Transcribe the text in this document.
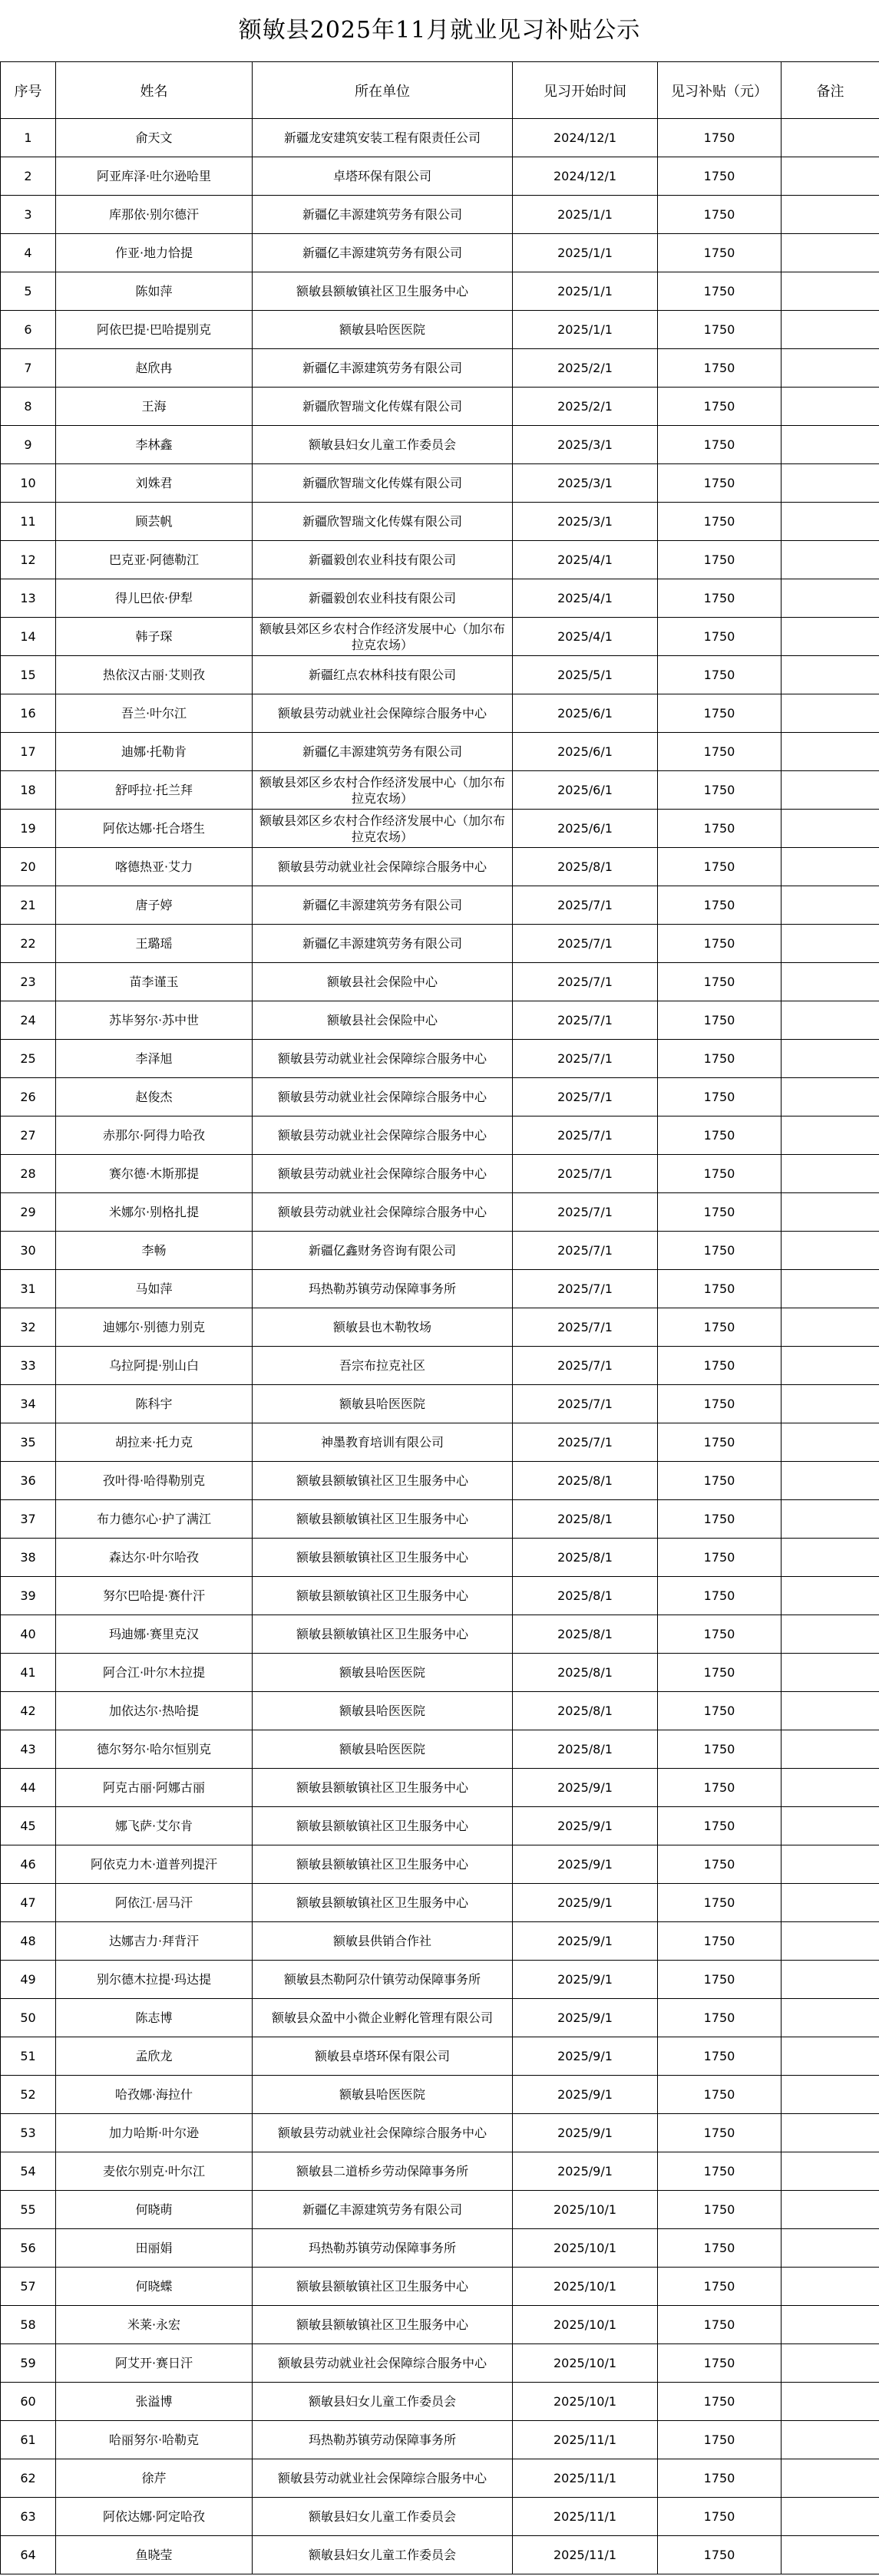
额敏县2025年11月就业见习补贴公示
序号	姓名	所在单位	见习开始时间	见习补贴（元）	备注
1	俞天文	新疆龙安建筑安装工程有限责任公司	2024/12/1	1750	
2	阿亚库泽·吐尔逊哈里	卓塔环保有限公司	2024/12/1	1750	
3	库那依·别尔德汗	新疆亿丰源建筑劳务有限公司	2025/1/1	1750	
4	作亚·地力恰提	新疆亿丰源建筑劳务有限公司	2025/1/1	1750	
5	陈如萍	额敏县额敏镇社区卫生服务中心	2025/1/1	1750	
6	阿依巴提·巴哈提别克	额敏县哈医医院	2025/1/1	1750	
7	赵欣冉	新疆亿丰源建筑劳务有限公司	2025/2/1	1750	
8	王海	新疆欣智瑞文化传媒有限公司	2025/2/1	1750	
9	李林鑫	额敏县妇女儿童工作委员会	2025/3/1	1750	
10	刘姝君	新疆欣智瑞文化传媒有限公司	2025/3/1	1750	
11	顾芸帆	新疆欣智瑞文化传媒有限公司	2025/3/1	1750	
12	巴克亚·阿德勒江	新疆毅创农业科技有限公司	2025/4/1	1750	
13	得儿巴依·伊犁	新疆毅创农业科技有限公司	2025/4/1	1750	
14	韩子琛	额敏县郊区乡农村合作经济发展中心（加尔布拉克农场）	2025/4/1	1750	
15	热依汉古丽·艾则孜	新疆红点农林科技有限公司	2025/5/1	1750	
16	吾兰·叶尔江	额敏县劳动就业社会保障综合服务中心	2025/6/1	1750	
17	迪娜·托勒肯	新疆亿丰源建筑劳务有限公司	2025/6/1	1750	
18	舒呼拉·托兰拜	额敏县郊区乡农村合作经济发展中心（加尔布拉克农场）	2025/6/1	1750	
19	阿依达娜·托合塔生	额敏县郊区乡农村合作经济发展中心（加尔布拉克农场）	2025/6/1	1750	
20	喀德热亚·艾力	额敏县劳动就业社会保障综合服务中心	2025/8/1	1750	
21	唐子婷	新疆亿丰源建筑劳务有限公司	2025/7/1	1750	
22	王璐瑶	新疆亿丰源建筑劳务有限公司	2025/7/1	1750	
23	苗李谨玉	额敏县社会保险中心	2025/7/1	1750	
24	苏毕努尔·苏中世	额敏县社会保险中心	2025/7/1	1750	
25	李泽旭	额敏县劳动就业社会保障综合服务中心	2025/7/1	1750	
26	赵俊杰	额敏县劳动就业社会保障综合服务中心	2025/7/1	1750	
27	赤那尔·阿得力哈孜	额敏县劳动就业社会保障综合服务中心	2025/7/1	1750	
28	赛尔德·木斯那提	额敏县劳动就业社会保障综合服务中心	2025/7/1	1750	
29	米娜尔·别格扎提	额敏县劳动就业社会保障综合服务中心	2025/7/1	1750	
30	李畅	新疆亿鑫财务咨询有限公司	2025/7/1	1750	
31	马如萍	玛热勒苏镇劳动保障事务所	2025/7/1	1750	
32	迪娜尔·别德力别克	额敏县也木勒牧场	2025/7/1	1750	
33	乌拉阿提·别山白	吾宗布拉克社区	2025/7/1	1750	
34	陈科宇	额敏县哈医医院	2025/7/1	1750	
35	胡拉来·托力克	神墨教育培训有限公司	2025/7/1	1750	
36	孜叶得·哈得勒别克	额敏县额敏镇社区卫生服务中心	2025/8/1	1750	
37	布力德尔心·护了满江	额敏县额敏镇社区卫生服务中心	2025/8/1	1750	
38	森达尔·叶尔哈孜	额敏县额敏镇社区卫生服务中心	2025/8/1	1750	
39	努尔巴哈提·赛什汗	额敏县额敏镇社区卫生服务中心	2025/8/1	1750	
40	玛迪娜·赛里克汉	额敏县额敏镇社区卫生服务中心	2025/8/1	1750	
41	阿合江·叶尔木拉提	额敏县哈医医院	2025/8/1	1750	
42	加依达尔·热哈提	额敏县哈医医院	2025/8/1	1750	
43	德尔努尔·哈尔恒别克	额敏县哈医医院	2025/8/1	1750	
44	阿克古丽·阿娜古丽	额敏县额敏镇社区卫生服务中心	2025/9/1	1750	
45	娜飞萨·艾尔肯	额敏县额敏镇社区卫生服务中心	2025/9/1	1750	
46	阿依克力木·道普列提汗	额敏县额敏镇社区卫生服务中心	2025/9/1	1750	
47	阿依江·居马汗	额敏县额敏镇社区卫生服务中心	2025/9/1	1750	
48	达娜吉力·拜背汗	额敏县供销合作社	2025/9/1	1750	
49	别尔德木拉提·玛达提	额敏县杰勒阿尕什镇劳动保障事务所	2025/9/1	1750	
50	陈志博	额敏县众盈中小微企业孵化管理有限公司	2025/9/1	1750	
51	孟欣龙	额敏县卓塔环保有限公司	2025/9/1	1750	
52	哈孜娜·海拉什	额敏县哈医医院	2025/9/1	1750	
53	加力哈斯·叶尔逊	额敏县劳动就业社会保障综合服务中心	2025/9/1	1750	
54	麦依尔别克·叶尔江	额敏县二道桥乡劳动保障事务所	2025/9/1	1750	
55	何晓萌	新疆亿丰源建筑劳务有限公司	2025/10/1	1750	
56	田丽娟	玛热勒苏镇劳动保障事务所	2025/10/1	1750	
57	何晓蝶	额敏县额敏镇社区卫生服务中心	2025/10/1	1750	
58	米莱·永宏	额敏县额敏镇社区卫生服务中心	2025/10/1	1750	
59	阿艾开·赛日汗	额敏县劳动就业社会保障综合服务中心	2025/10/1	1750	
60	张溢博	额敏县妇女儿童工作委员会	2025/10/1	1750	
61	哈丽努尔·哈勒克	玛热勒苏镇劳动保障事务所	2025/11/1	1750	
62	徐芹	额敏县劳动就业社会保障综合服务中心	2025/11/1	1750	
63	阿依达娜·阿定哈孜	额敏县妇女儿童工作委员会	2025/11/1	1750	
64	鱼晓莹	额敏县妇女儿童工作委员会	2025/11/1	1750	
